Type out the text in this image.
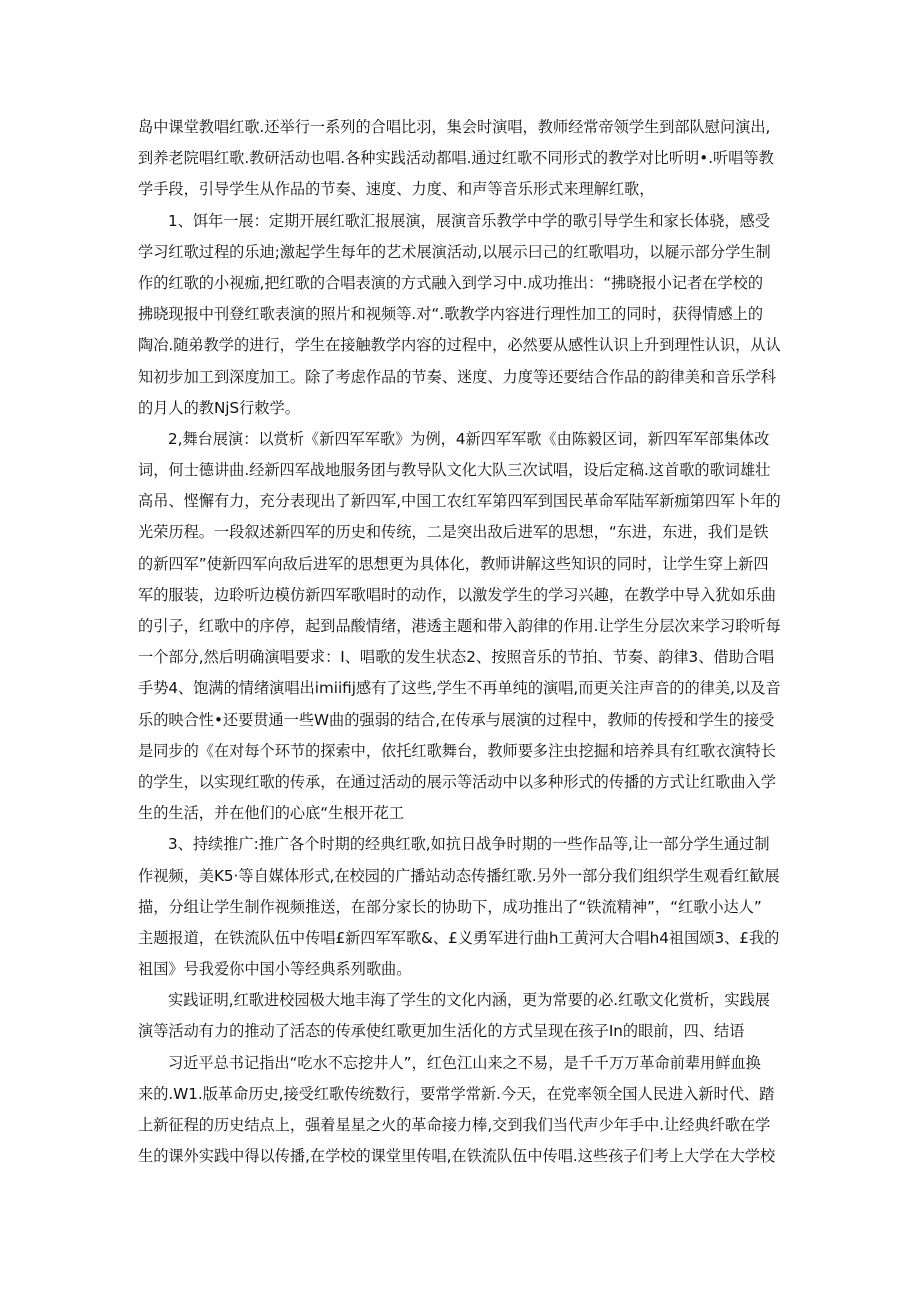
岛中课堂教唱红歌.还举行一系列的合唱比羽，集会时演唱，教师经常帝领学生到部队慰问演出,
到养老院唱红歌.教研活动也唱.各种实践活动都唱.通过红歌不同形式的教学对比听明•.听唱等教
学手段，引导学生从作品的节奏、速度、力度、和声等音乐形式来理解红歌，
1、饵年一展：定期开展红歌汇报展演，展演音乐教学中学的歌引导学生和家长体骁，感受
学习红歌过程的乐迪;激起学生每年的艺术展演活动,以展示曰己的红歌唱功，以屣示部分学生制
作的红歌的小视痂,把红歌的合唱表演的方式融入到学习中.成功推出：“拂晓报小记者在学校的
拂晓现报中刊登红歌表演的照片和视频等.对“.歌教学内容进行理性加工的同时，获得情感上的
陶冶.随弟教学的进行，学生在接触教学内容的过程中，必然要从感性认识上升到理性认识，从认
知初步加工到深度加工。除了考虑作品的节奏、迷度、力度等还要结合作品的韵律美和音乐学科
的月人的教NjS行敕学。
2,舞台展演：以赏析《新四军军歌》为例，4新四军军歌《由陈毅区词，新四军军部集体改
词，何士德讲曲.经新四军战地服务团与教导队文化大队三次试唱，设后定稿.这首歌的歌词雄壮
高吊、悭懈有力，充分表现出了新四军,中国工农红军第四军到国民革命军陆军新痂第四军卜年的
光荣历程。一段叙述新四军的历史和传统，二是突出敌后进军的思想，“东进，东进，我们是铁
的新四军”使新四军向敌后进军的思想更为具体化，教师讲解这些知识的同时，让学生穿上新四
军的服装，边聆听边模仿新四军歌唱时的动作，以激发学生的学习兴趣，在教学中导入犹如乐曲
的引子，红歌中的序停，起到品酸情绪，港透主题和带入韵律的作用.让学生分层次来学习聆听每
一个部分,然后明确演唱要求：I、唱歌的发生状态2、按照音乐的节拍、节奏、韵律3、借助合唱
手势4、饱满的情绪演唱出imiifij感有了这些,学生不再单纯的演唱,而更关注声音的的律美,以及音
乐的映合性•还要贯通一些W曲的强弱的结合,在传承与展演的过程中，教师的传授和学生的接受
是同步的《在对每个环节的探索中，依托红歌舞台，教师要多注虫挖掘和培养具有红歌衣演特长
的学生，以实现红歌的传承，在通过活动的展示等活动中以多种形式的传播的方式让红歌曲入学
生的生活，并在他们的心底“生根开花工
3、持续推广:推广各个时期的经典红歌,如抗日战争时期的一些作品等,让一部分学生通过制
作视频，美K5·等自媒体形式,在校园的广播站动态传播红歌.另外一部分我们组织学生观看红歓展
描，分组让学生制作视频推送，在部分家长的协助下，成功推出了“铁流精神”，“红歌小达人”
主题报道，在铁流队伍中传唱£新四军军歌&、£义勇军进行曲h工黄河大合唱h4祖国颂3、£我的
祖国》号我爱你中国小等经典系列歌曲。
实践证明,红歌进校园极大地丰海了学生的文化内涵，更为常要的必.红歌文化赏析，实践展
演等活动有力的推动了活态的传承使红歌更加生活化的方式呈现在孩子In的眼前，四、结语
习近平总书记指出“吃水不忘挖井人”，红色江山来之不易，是千千万万革命前辈用鲜血换
来的.W1.版革命历史,接受红歌传统数行，要常学常新.今天，在党率领全国人民进入新时代、踏
上新征程的历史结点上，强着星星之火的革命接力棒,交到我们当代声少年手中.让经典纤歌在学
生的课外实践中得以传播,在学校的课堂里传唱,在铁流队伍中传唱.这些孩子们考上大学在大学校
